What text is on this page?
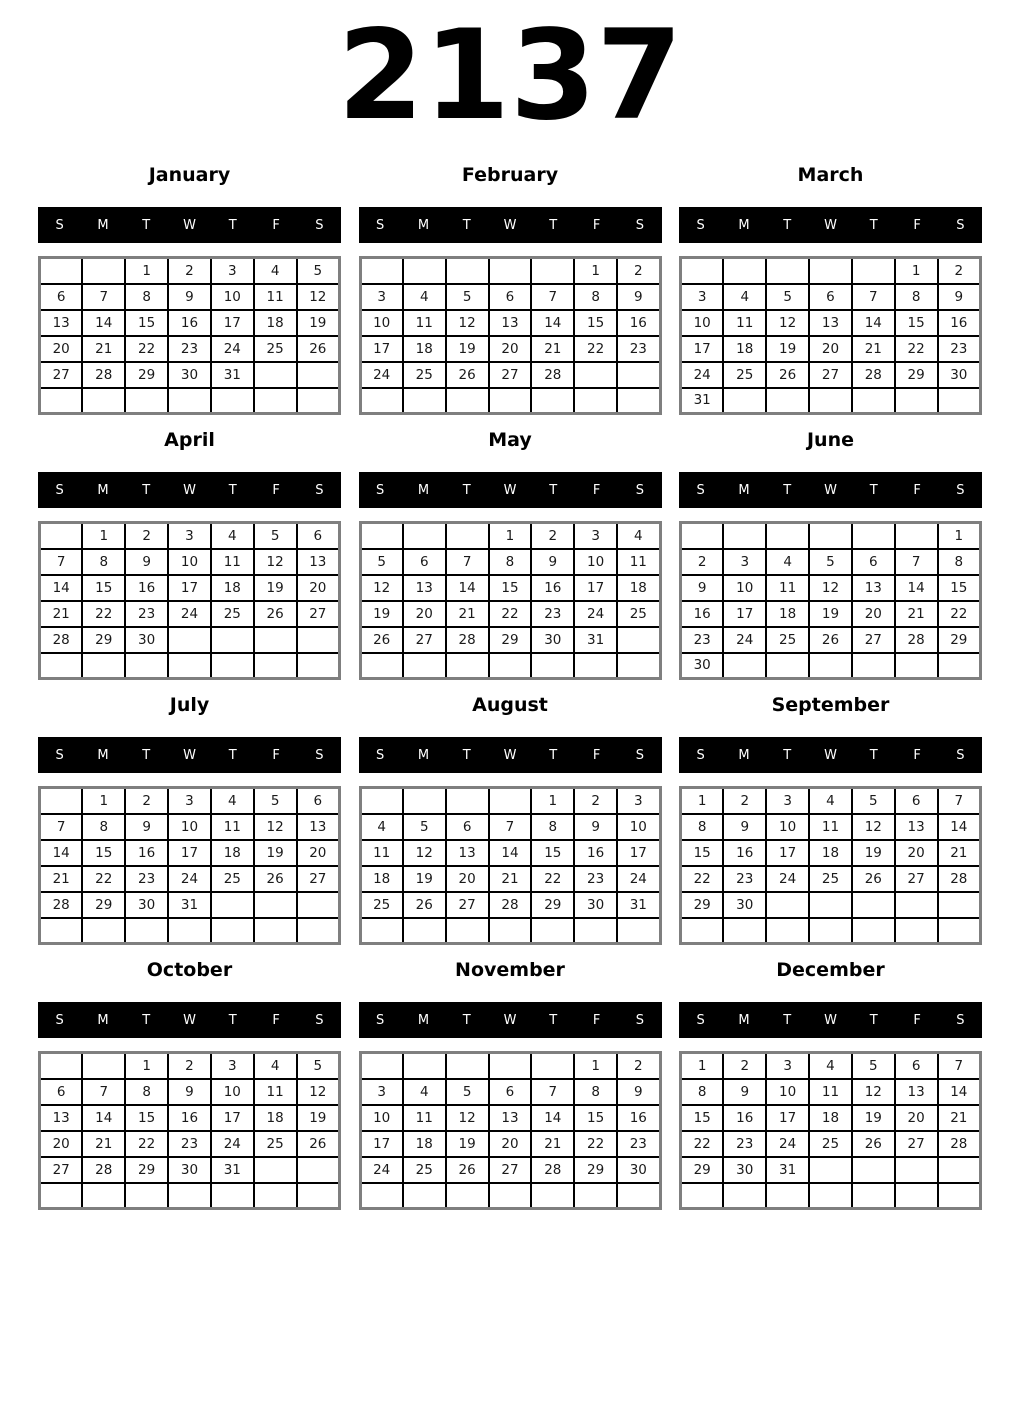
2137
January
S	M	T	W	T	F	S
		1	2	3	4	5
6	7	8	9	10	11	12
13	14	15	16	17	18	19
20	21	22	23	24	25	26
27	28	29	30	31		

February
S	M	T	W	T	F	S
					1	2
3	4	5	6	7	8	9
10	11	12	13	14	15	16
17	18	19	20	21	22	23
24	25	26	27	28		

March
S	M	T	W	T	F	S
					1	2
3	4	5	6	7	8	9
10	11	12	13	14	15	16
17	18	19	20	21	22	23
24	25	26	27	28	29	30
31						
April
S	M	T	W	T	F	S
	1	2	3	4	5	6
7	8	9	10	11	12	13
14	15	16	17	18	19	20
21	22	23	24	25	26	27
28	29	30				

May
S	M	T	W	T	F	S
			1	2	3	4
5	6	7	8	9	10	11
12	13	14	15	16	17	18
19	20	21	22	23	24	25
26	27	28	29	30	31	

June
S	M	T	W	T	F	S
						1
2	3	4	5	6	7	8
9	10	11	12	13	14	15
16	17	18	19	20	21	22
23	24	25	26	27	28	29
30						
July
S	M	T	W	T	F	S
	1	2	3	4	5	6
7	8	9	10	11	12	13
14	15	16	17	18	19	20
21	22	23	24	25	26	27
28	29	30	31			

August
S	M	T	W	T	F	S
				1	2	3
4	5	6	7	8	9	10
11	12	13	14	15	16	17
18	19	20	21	22	23	24
25	26	27	28	29	30	31

September
S	M	T	W	T	F	S
1	2	3	4	5	6	7
8	9	10	11	12	13	14
15	16	17	18	19	20	21
22	23	24	25	26	27	28
29	30					

October
S	M	T	W	T	F	S
		1	2	3	4	5
6	7	8	9	10	11	12
13	14	15	16	17	18	19
20	21	22	23	24	25	26
27	28	29	30	31		

November
S	M	T	W	T	F	S
					1	2
3	4	5	6	7	8	9
10	11	12	13	14	15	16
17	18	19	20	21	22	23
24	25	26	27	28	29	30

December
S	M	T	W	T	F	S
1	2	3	4	5	6	7
8	9	10	11	12	13	14
15	16	17	18	19	20	21
22	23	24	25	26	27	28
29	30	31				
